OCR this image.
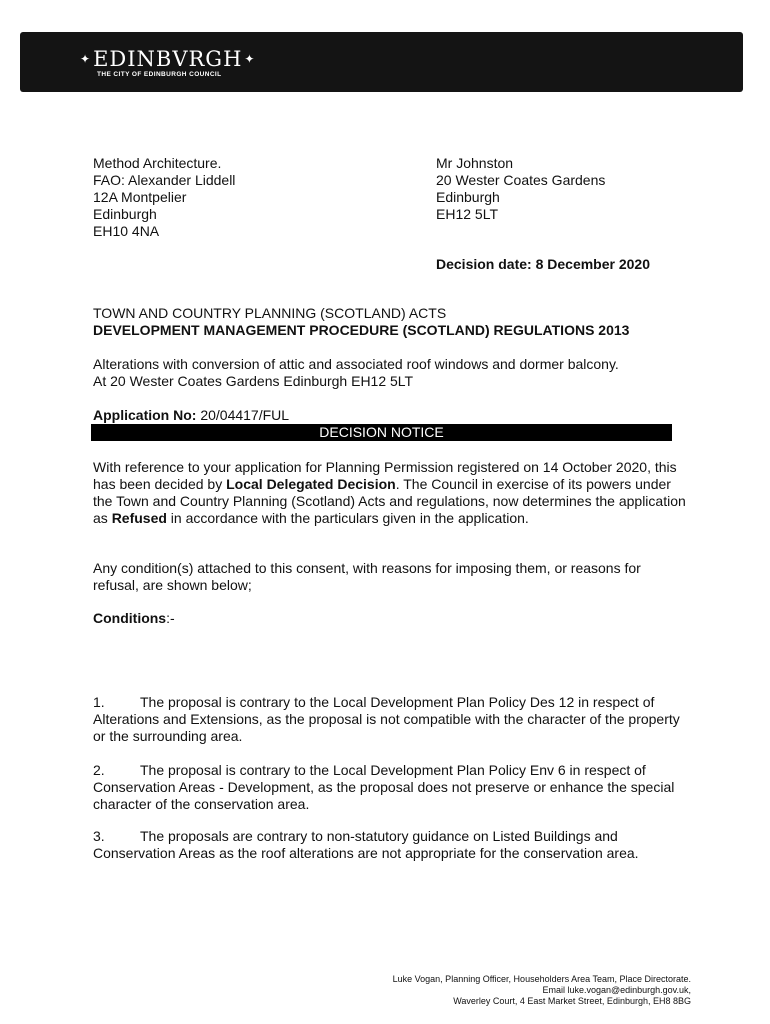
✦EDINBVRGH ✦
THE CITY OF EDINBURGH COUNCIL
Method Architecture.
FAO: Alexander Liddell
12A Montpelier
Edinburgh
EH10 4NA
Mr Johnston
20 Wester Coates Gardens
Edinburgh
EH12 5LT
Decision date: 8 December 2020
TOWN AND COUNTRY PLANNING (SCOTLAND) ACTS
DEVELOPMENT MANAGEMENT PROCEDURE (SCOTLAND) REGULATIONS 2013
Alterations with conversion of attic and associated roof windows and dormer balcony.
At 20 Wester Coates Gardens Edinburgh EH12 5LT
Application No: 20/04417/FUL
DECISION NOTICE
With reference to your application for Planning Permission registered on 14 October 2020, this has been decided by Local Delegated Decision. The Council in exercise of its powers under the Town and Country Planning (Scotland) Acts and regulations, now determines the application as Refused in accordance with the particulars given in the application.
Any condition(s) attached to this consent, with reasons for imposing them, or reasons for refusal, are shown below;
Conditions:-
1.	The proposal is contrary to the Local Development Plan Policy Des 12 in respect of Alterations and Extensions, as the proposal is not compatible with the character of the property or the surrounding area.
2.	The proposal is contrary to the Local Development Plan Policy Env 6 in respect of Conservation Areas - Development, as the proposal does not preserve or enhance the special character of the conservation area.
3.	The proposals are contrary to non-statutory guidance on Listed Buildings and Conservation Areas as the roof alterations are not appropriate for the conservation area.
Luke Vogan, Planning Officer, Householders Area Team, Place Directorate.
Email luke.vogan@edinburgh.gov.uk,
Waverley Court, 4 East Market Street, Edinburgh, EH8 8BG
